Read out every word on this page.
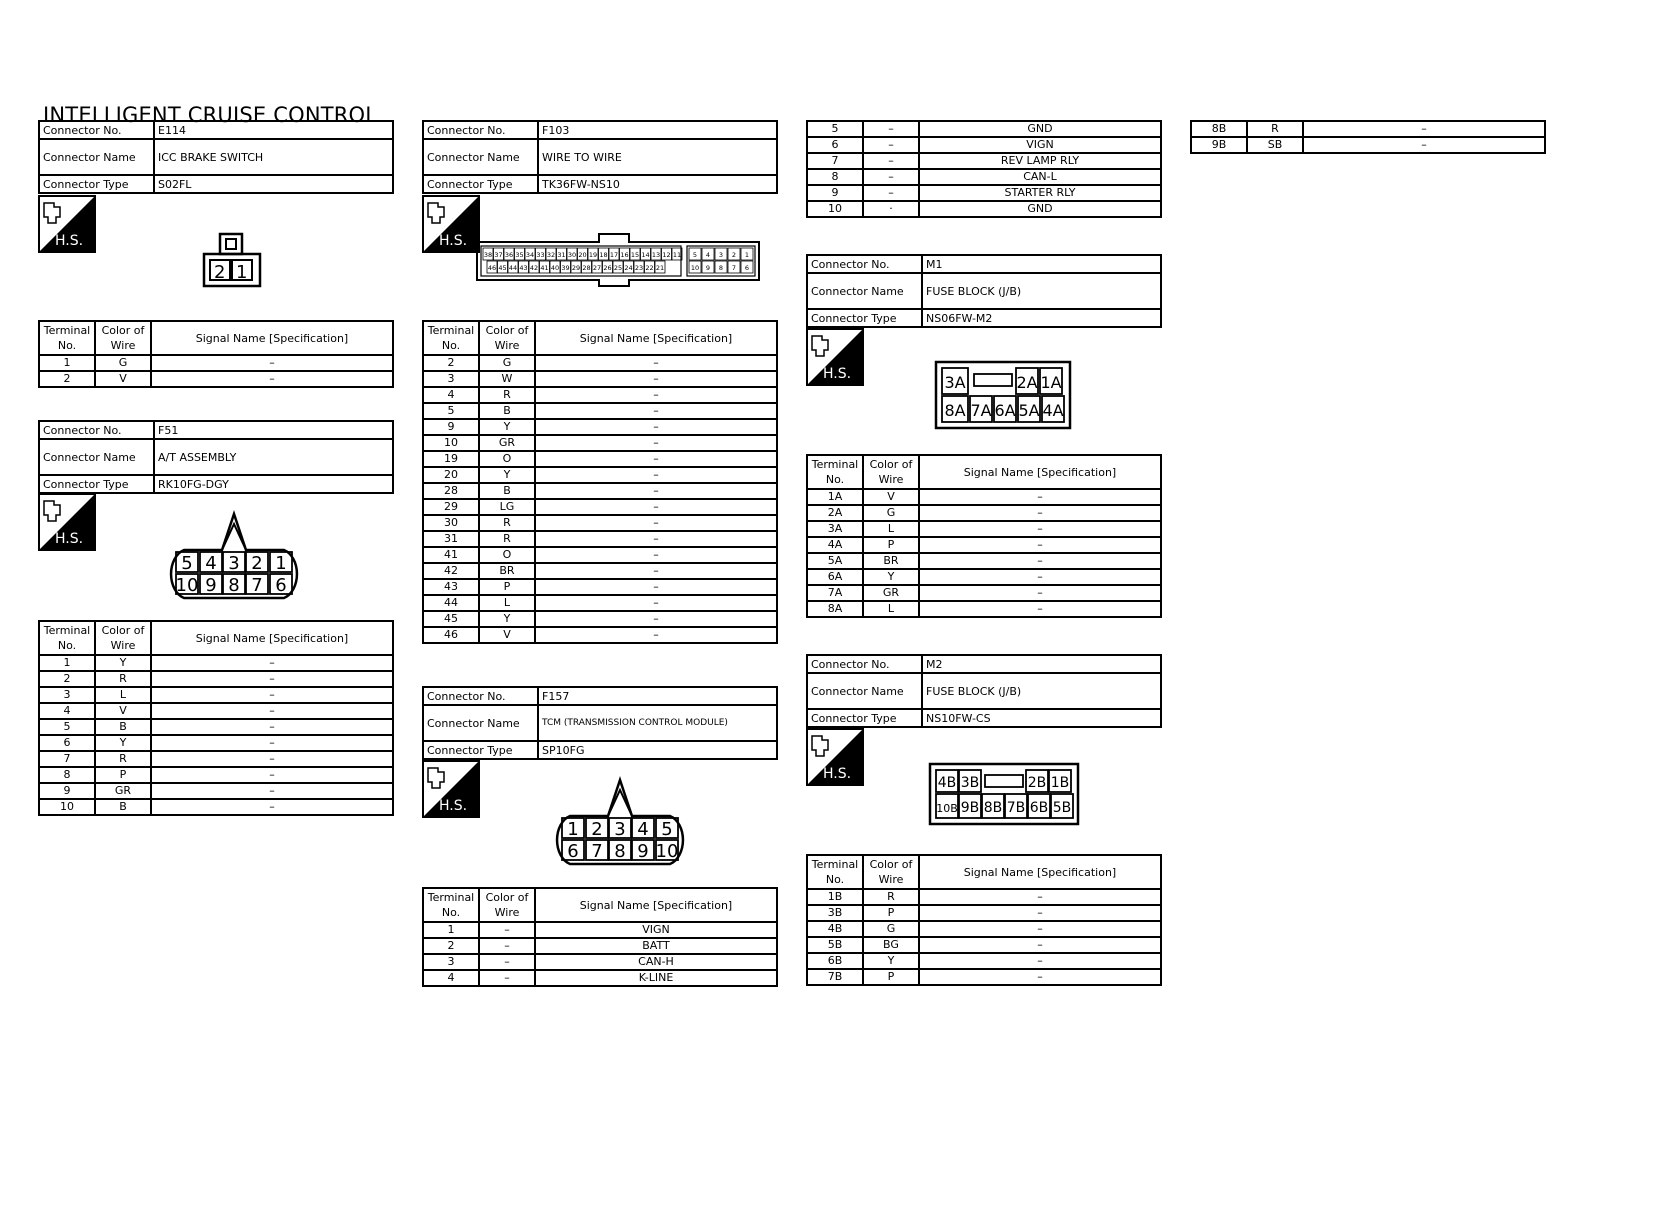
INTELLIGENT CRUISE CONTROL
Connector No.	E114
Connector Name	ICC BRAKE SWITCH
Connector Type	S02FL
H.S.
2 1
Terminal No.	Color of Wire	Signal Name [Specification]
1	G	–
2	V	–
Connector No.	F51
Connector Name	A/T ASSEMBLY
Connector Type	RK10FG-DGY
H.S.
5 4 3 2 1
10 9 8 7 6
Terminal No.	Color of Wire	Signal Name [Specification]
1	Y	–
2	R	–
3	L	–
4	V	–
5	B	–
6	Y	–
7	R	–
8	P	–
9	GR	–
10	B	–
Connector No.	F103
Connector Name	WIRE TO WIRE
Connector Type	TK36FW-NS10
H.S.
38 37 36 35 34 33 32 31 30 20 19 18 17 16 15 14 13 12 11 5 4 3 2 1
46 45 44 43 42 41 40 39 29 28 27 26 25 24 23 22 21	10 9 8 7 6
Terminal No.	Color of Wire	Signal Name [Specification]
2	G	–
3	W	–
4	R	–
5	B	–
9	Y	–
10	GR	–
19	O	–
20	Y	–
28	B	–
29	LG	–
30	R	–
31	R	–
41	O	–
42	BR	–
43	P	–
44	L	–
45	Y	–
46	V	–
Connector No.	F157
Connector Name	TCM (TRANSMISSION CONTROL MODULE)
Connector Type	SP10FG
H.S.
1 2 3 4 5
6 7 8 9 10
Terminal No.	Color of Wire	Signal Name [Specification]
1	–	VIGN
2	–	BATT
3	–	CAN-H
4	–	K-LINE
5	–	GND
6	–	VIGN
7	–	REV LAMP RLY
8	–	CAN-L
9	–	STARTER RLY
10	·	GND
Connector No.	M1
Connector Name	FUSE BLOCK (J/B)
Connector Type	NS06FW-M2
H.S.	3A	2A 1A
8A 7A 6A 5A 4A
Terminal No.	Color of Wire	Signal Name [Specification]
1A	V	–
2A	G	–
3A	L	–
4A	P	–
5A	BR	–
6A	Y	–
7A	GR	–
8A	L	–
Connector No.	M2
Connector Name	FUSE BLOCK (J/B)
Connector Type	NS10FW-CS
H.S.
4B 3B	2B 1B
10B 9B 8B 7B 6B 5B
Terminal No.	Color of Wire	Signal Name [Specification]
1B	R	–
3B	P	–
4B	G	–
5B	BG	–
6B	Y	–
7B	P	–
8B	R	–
9B	SB	–
